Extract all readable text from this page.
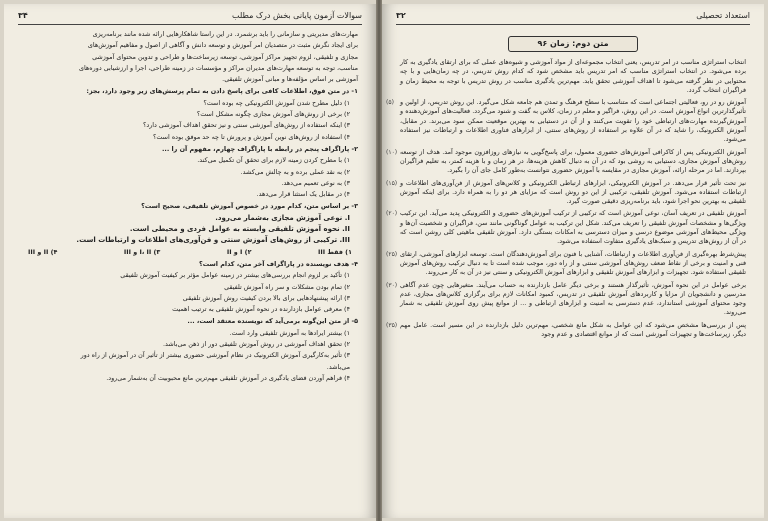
سوالات آزمون پایانی بخش درک مطلب
۳۴

مهارت‌های مدیریتی و سازمانی را باید برشمرد. در این راستا شاهکارهایی ارائه شده مانند برنامه‌ریزی

برای ایجاد نگرش مثبت در متصدیان امر آموزش و توسعه دانش و آگاهی از اصول و مفاهیم آموزش‌های

مجازی و تلفیقی، لزوم تجهیز مراکز آموزشی، توسعه زیرساخت‌ها و طراحی و تدوین محتوای آموزشی

مناسب، توجه به توسعه مهارت‌های مدیران مراکز و مؤسسات در زمینه طراحی، اجرا و ارزشیابی دوره‌های

آموزشی بر اساس مؤلفه‌ها و مبانی آموزش تلفیقی.

۱- در متن فوق، اطلاعات کافی برای پاسخ دادن به تمام پرسش‌های زیر وجود دارد، بجز:

۱) دلیل مطرح شدن آموزش الکترونیکی چه بوده است؟

۲) برخی از روش‌های آموزش مجازی چگونه مشکل است؟

۳) اینکه استفاده از روش‌های آموزشی سنتی و نیز تحقق اهداف آموزشی دارد؟

۴) استفاده از روش‌های نوین آموزش و پرورش تا چه حد موفق بوده است؟

۲- پاراگراف پنجم در رابطه با پاراگراف چهارم، مفهوم آن را ...

۱) با مطرح کردن زمینه لازم برای تحقق آن تکمیل می‌کند.

۲) به نقد عملی برده و به چالش می‌کشد.

۳) به نوعی تعمیم می‌دهد.

۴) در مقابل یک استثنا قرار می‌دهد.

۳- بر اساس متن، کدام مورد در خصوص آموزش تلفیقی، صحیح است؟

I. نوعی آموزش مجازی به‌شمار می‌رود.

II. نحوه آموزش تلفیقی وابسته به عوامل فردی و محیطی است.

III. ترکیبی از روش‌های آموزش سنتی و فن‌آوری‌های اطلاعات و ارتباطات است.

۱) فقط III
۲) I و II
۳) I، II و III
۴) II و III

۴- هدف نویسنده در پاراگراف آخر متن، کدام است؟

۱) تأکید بر لزوم انجام بررسی‌های بیشتر در زمینه عوامل مؤثر بر کیفیت آموزش تلفیقی

۲) تمام بودن مشکلات و سر راه آموزش تلفیقی

۳) ارائه پیشنهادهایی برای بالا بردن کیفیت روش آموزش تلفیقی

۴) معرفی عوامل بازدارنده در نحوه آموزش تلفیقی به ترتیب اهمیت

۵- از متن این‌گونه برمی‌آید که نویسنده معتقد است، ...

۱) بیشتر ایرادها به آموزش تلفیقی وارد است.

۲) تحقق اهداف آموزشی در روش آموزش تلفیقی دور از ذهن می‌باشد.

۳) تأثیر به‌کارگیری آموزش الکترونیک در نظام آموزشی حضوری بیشتر از تأثیر آن در آموزش از راه دور

می‌باشد.

۴) فراهم آوردن فضای یادگیری در آموزش تلفیقی مهم‌ترین مانع محبوبیت آن به‌شمار می‌رود.

استعداد تحصیلی
۳۲
متن دوم: زمان ۹۶
انتخاب استراتژی مناسب در امر تدریس، یعنی انتخاب مجموعه‌ای از مواد آموزشی و شیوه‌های عملی که برای ارتقای یادگیری به کار برده می‌شود. در انتخاب استراتژی مناسب که امر تدریس باید مشخص شود که کدام روش تدریس، در چه زمان‌هایی و با چه محتوایی در نظر گرفته می‌شود تا اهداف آموزشی تحقق یابد. مهم‌ترین یادگیری مناسب در روش تدریس با توجه به محیط زمان و فراگیران انتخاب گردد.
(۵) آموزش رو در رو، فعالیتی اجتماعی است که متناسب با سطح فرهنگ و تمدن هم جامعه شکل می‌گیرد. این روش تدریس، از اولین و تأثیرگذارترین انواع آموزش است. در این روش، فراگیر و معلم در زمان، کلاس به گفت و شنود می‌گردد. فعالیت‌های آموزش‌دهنده و آموزش‌گیرنده مهارت‌های ارتباطی خود را تقویت می‌کنند و از آن در دستیابی به بهترین موقعیت ممکن سود می‌برند. در مقابل، آموزش الکترونیک، را شاید که در آن علاوه بر استفاده از روش‌های سنتی، از ابزارهای فناوری اطلاعات و ارتباطات نیز استفاده می‌شود.
(۱۰) آموزش الکترونیکی پس از کاکرافی آموزش‌های حضوری معمول، برای پاسخ‌گویی به نیازهای روزافزون موجود آمد. هدف از توسعه روش‌های آموزش مجازی، دستیابی به روشی بود که در آن به دنبال کاهش هزینه‌ها، در هر زمان و با هزینه کمتر، به تعلیم فراگیران بپردازند. اما در مرحله ارائه، آموزش مجازی در مقایسه با آموزش حضوری نتوانست به‌طور کامل جای آن را بگیرد.
(۱۵) نیز تحت تأثیر قرار می‌دهد. در آموزش الکترونیکی، ابزارهای ارتباطی الکترونیکی و کلاس‌های آموزش از فن‌آوری‌های اطلاعات و ارتباطات استفاده می‌شود. آموزش تلفیقی، ترکیبی از این دو روش است که مزایای هر دو را به همراه دارد. برای اینکه آموزش تلفیقی به بهترین نحو اجرا شود، باید برنامه‌ریزی دقیقی صورت گیرد.
(۲۰) آموزش تلفیقی در تعریف آسان، نوعی آموزش است که ترکیبی از ترکیب آموزش‌های حضوری و الکترونیکی پدید می‌آید. این ترکیب ویژگی‌ها و مشخصات آموزش تلفیقی را تعریف می‌کند. شکل این ترکیب به عوامل گوناگونی مانند سن، فراگیران و شخصیت آن‌ها و ویژگی محیط‌های آموزشی موضوع درسی و میزان دسترسی به امکانات بستگی دارد. آموزش تلفیقی ماهیتی کلی روشن است که در آن از روش‌های تدریس و سبک‌های یادگیری متفاوت استفاده می‌شود.
(۲۵) پیش‌شرط بهره‌گیری از فن‌آوری اطلاعات و ارتباطات، آشنایی با فنون برای آموزش‌دهندگان است. توسعه ابزارهای آموزشی، ارتقای فنی و امنیت و برخی از نقاط ضعف روش‌های آموزشی سنتی و از راه دور، موجب شده است تا به دنبال ترکیب روش‌های آموزش تلفیقی استفاده شود. تجهیزات و ابزارهای آموزش تلفیقی و ابزارهای آموزش الکترونیکی و سنتی نیز در آن به کار می‌روند.
(۳۰) برخی عوامل در این نحوه آموزش، تأثیرگذار هستند و برخی دیگر عامل بازدارنده به حساب می‌آیند. متغیرهایی چون عدم آگاهی مدرسین و دانشجویان از مزایا و کاربردهای آموزش تلفیقی در تدریس، کمبود امکانات لازم برای برگزاری کلاس‌های مجازی، عدم وجود محتوای آموزشی استاندارد، عدم دسترسی به امنیت و ابزارهای ارتباطی و ... از موانع پیش روی آموزش تلفیقی به شمار می‌روند.
(۳۵) پس از بررسی‌ها مشخص می‌شود که این عوامل به شکل مانع شخصی، مهم‌ترین دلیل بازدارنده در این مسیر است. عامل مهم دیگر، زیرساخت‌ها و تجهیزات آموزشی است که از موانع اقتصادی و عدم وجود
